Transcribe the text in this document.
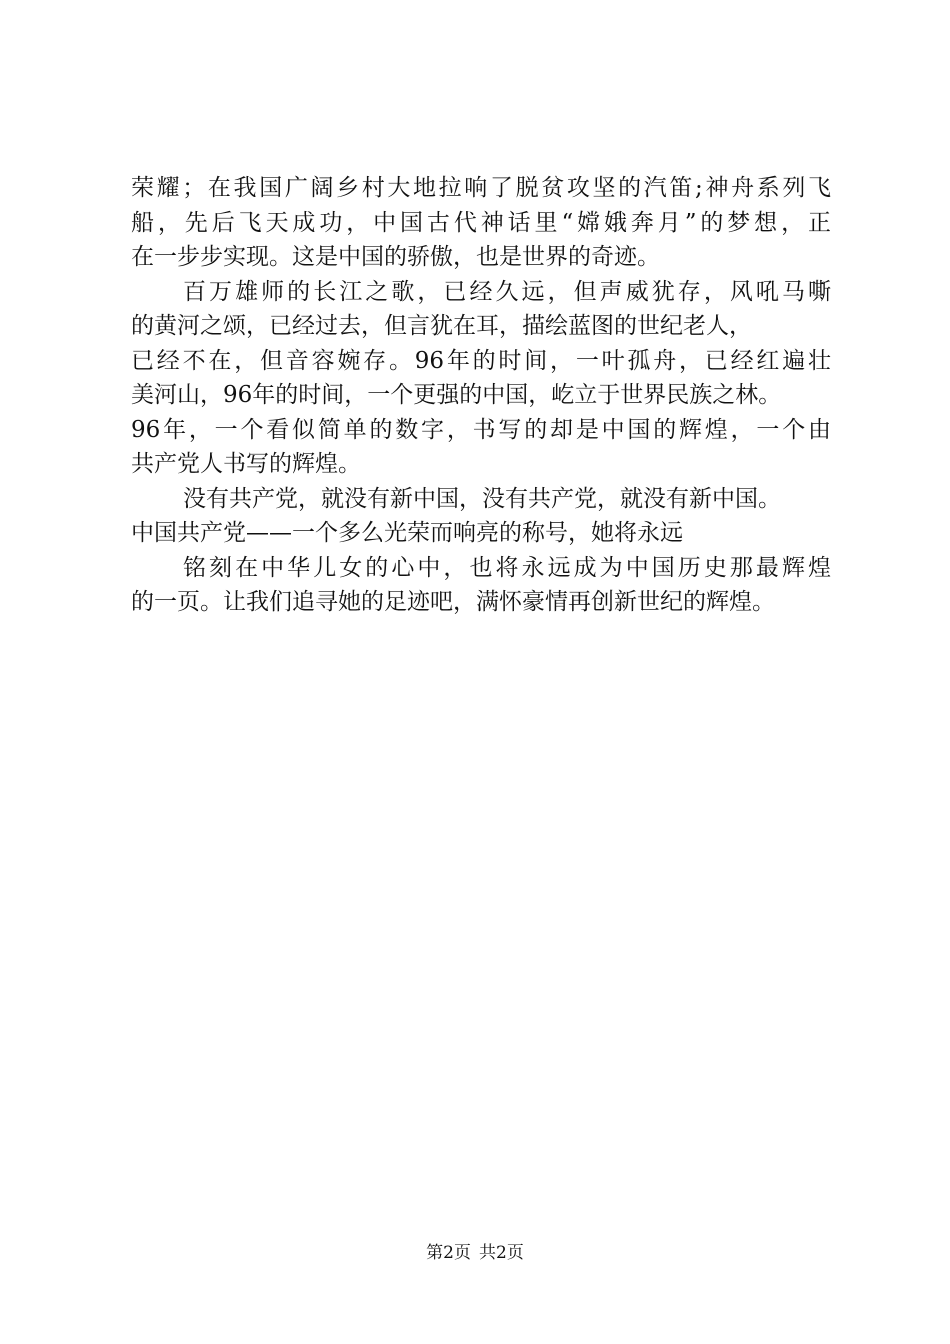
荣耀；在我国广阔乡村大地拉响了脱贫攻坚的汽笛;神舟系列飞
船，先后飞天成功，中国古代神话里“嫦娥奔月”的梦想，正
在一步步实现。这是中国的骄傲，也是世界的奇迹。
百万雄师的长江之歌，已经久远，但声威犹存，风吼马嘶
的黄河之颂，已经过去，但言犹在耳，描绘蓝图的世纪老人，
已经不在，但音容婉存。96年的时间，一叶孤舟，已经红遍壮
美河山，96年的时间，一个更强的中国，屹立于世界民族之林。
96年，一个看似简单的数字，书写的却是中国的辉煌，一个由
共产党人书写的辉煌。
没有共产党，就没有新中国，没有共产党，就没有新中国。
中国共产党——一个多么光荣而响亮的称号，她将永远
铭刻在中华儿女的心中，也将永远成为中国历史那最辉煌
的一页。让我们追寻她的足迹吧，满怀豪情再创新世纪的辉煌。
第2页 共2页
